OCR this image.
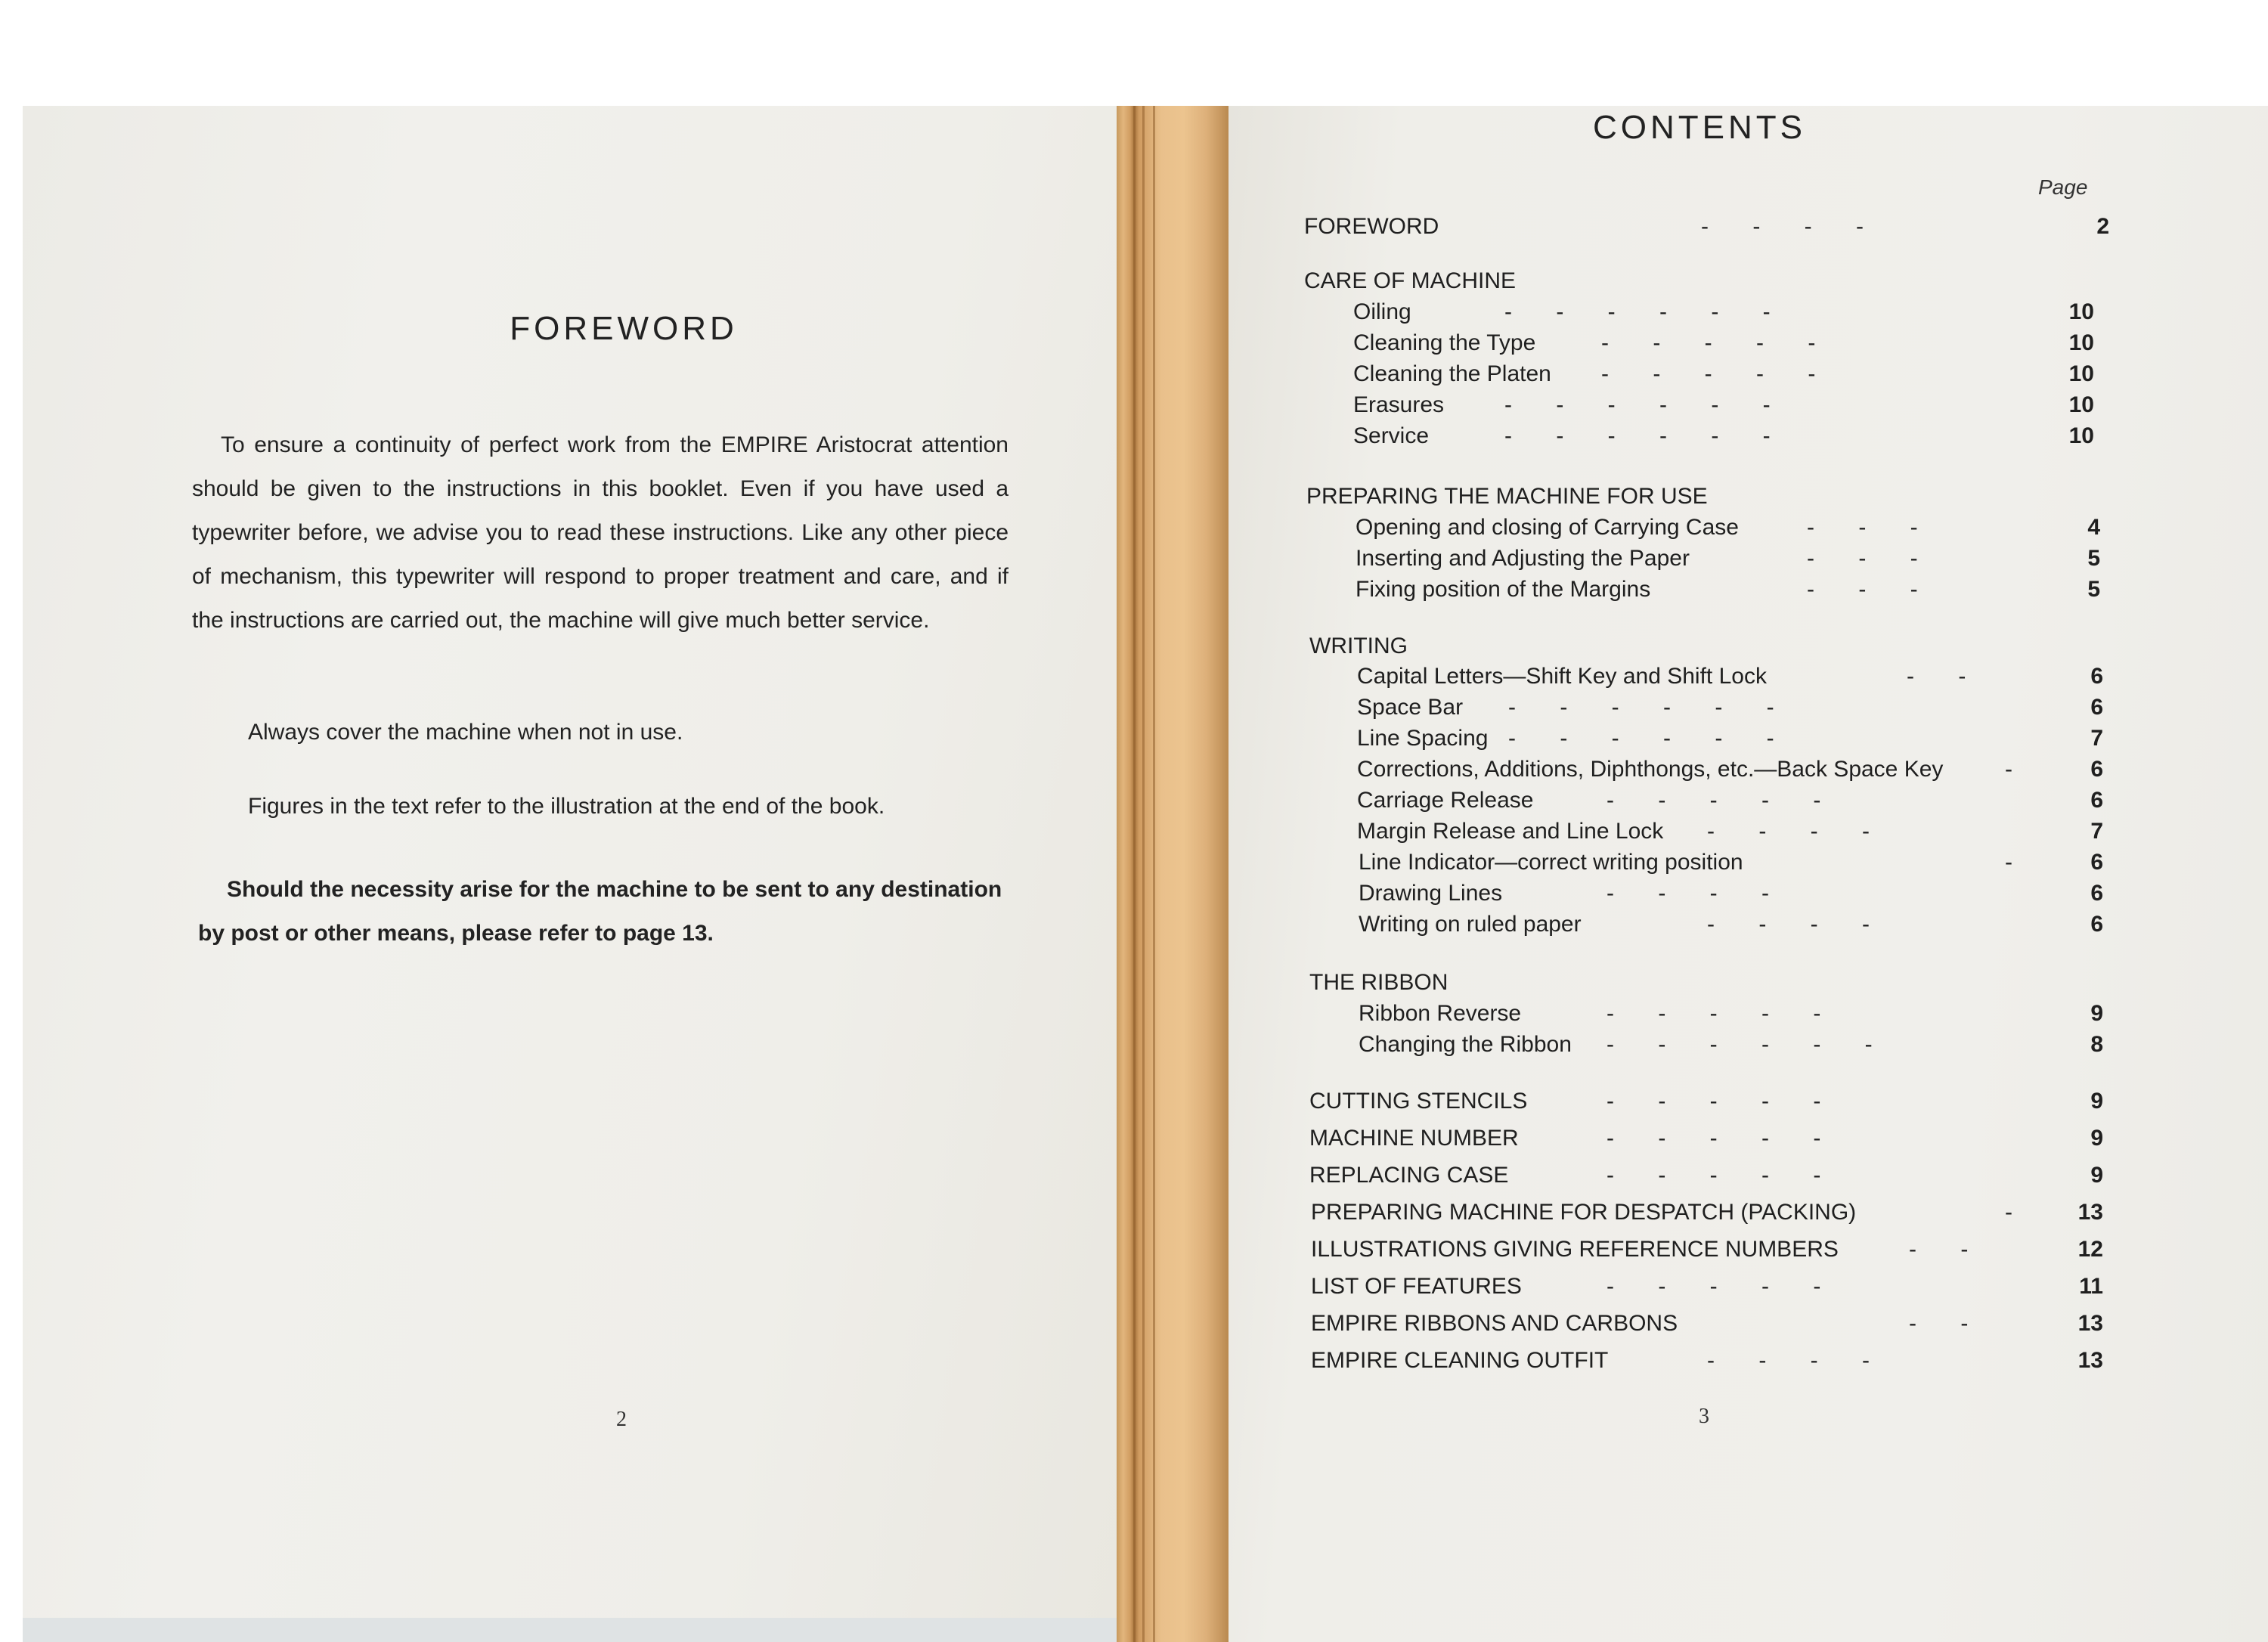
FOREWORD
To ensure a continuity of perfect work from the EMPIRE Aristocrat attention should be given to the instructions in this booklet. Even if you have used a typewriter before, we advise you to read these instructions. Like any other piece of mechanism, this typewriter will respond to proper treatment and care, and if the instructions are carried out, the machine will give much better service.
Always cover the machine when not in use.
Figures in the text refer to the illustration at the end of the book.
Should the necessity arise for the machine to be sent to any destination by post or other means, please refer to page 13.
2
CONTENTS
Page
FOREWORD	-       -       -       -	2
CARE OF MACHINE
Oiling	-       -       -       -       -       -	10
Cleaning the Type	-       -       -       -       -	10
Cleaning the Platen -       -       -       -       -	10
Erasures	-       -       -       -       -       -	10
Service	-       -       -       -       -       -	10
PREPARING THE MACHINE FOR USE
Opening and closing of Carrying Case	-       -       -	4
Inserting and Adjusting the Paper	-       -       -	5
Fixing position of the Margins	-       -       -	5
WRITING
Capital Letters—Shift Key and Shift Lock	-       -	6
Space Bar -       -       -       -       -       -	6
Line Spacing -       -       -       -       -       -	7
Corrections, Additions, Diphthongs, etc.—Back Space Key	-	6
Carriage Release	-       -       -       -       -	6
Margin Release and Line Lock -       -       -       -	7
Line Indicator—correct writing position	-	6
Drawing Lines	-       -       -       -	6
Writing on ruled paper	-       -       -       -	6
THE RIBBON
Ribbon Reverse	-       -       -       -       -	9
Changing the Ribbon -       -       -       -       -       -	8
CUTTING STENCILS	-       -       -       -       -	9
MACHINE NUMBER	-       -       -       -       -	9
REPLACING CASE	-       -       -       -       -	9
PREPARING MACHINE FOR DESPATCH (PACKING)	-	13
ILLUSTRATIONS GIVING REFERENCE NUMBERS	-       -	12
LIST OF FEATURES	-       -       -       -       -	11
EMPIRE RIBBONS AND CARBONS	-       -	13
EMPIRE CLEANING OUTFIT	-       -       -       -	13
3
